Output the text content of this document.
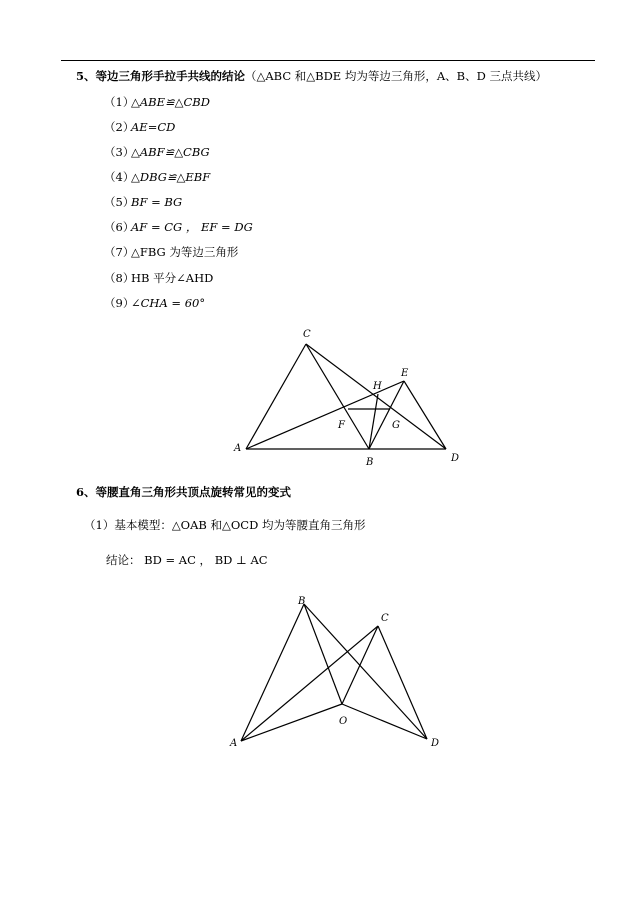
5、等边三角形手拉手共线的结论（△ABC 和△BDE 均为等边三角形，A、B、D 三点共线）
（1）△ABE≌△CBD
（2）AE=CD
（3）△ABF≌△CBG
（4）△DBG≌△EBF
（5）BF = BG
（6）AF = CG ， EF = DG
（7）△FBG 为等边三角形
（8）HB 平分∠AHD
（9）∠CHA = 60°
6、等腰直角三角形共顶点旋转常见的变式
（1）基本模型：△OAB 和△OCD 均为等腰直角三角形
结论： BD = AC ， BD ⊥ AC
C
E
H
F	G
A
B	D
B
C
O
A	D
